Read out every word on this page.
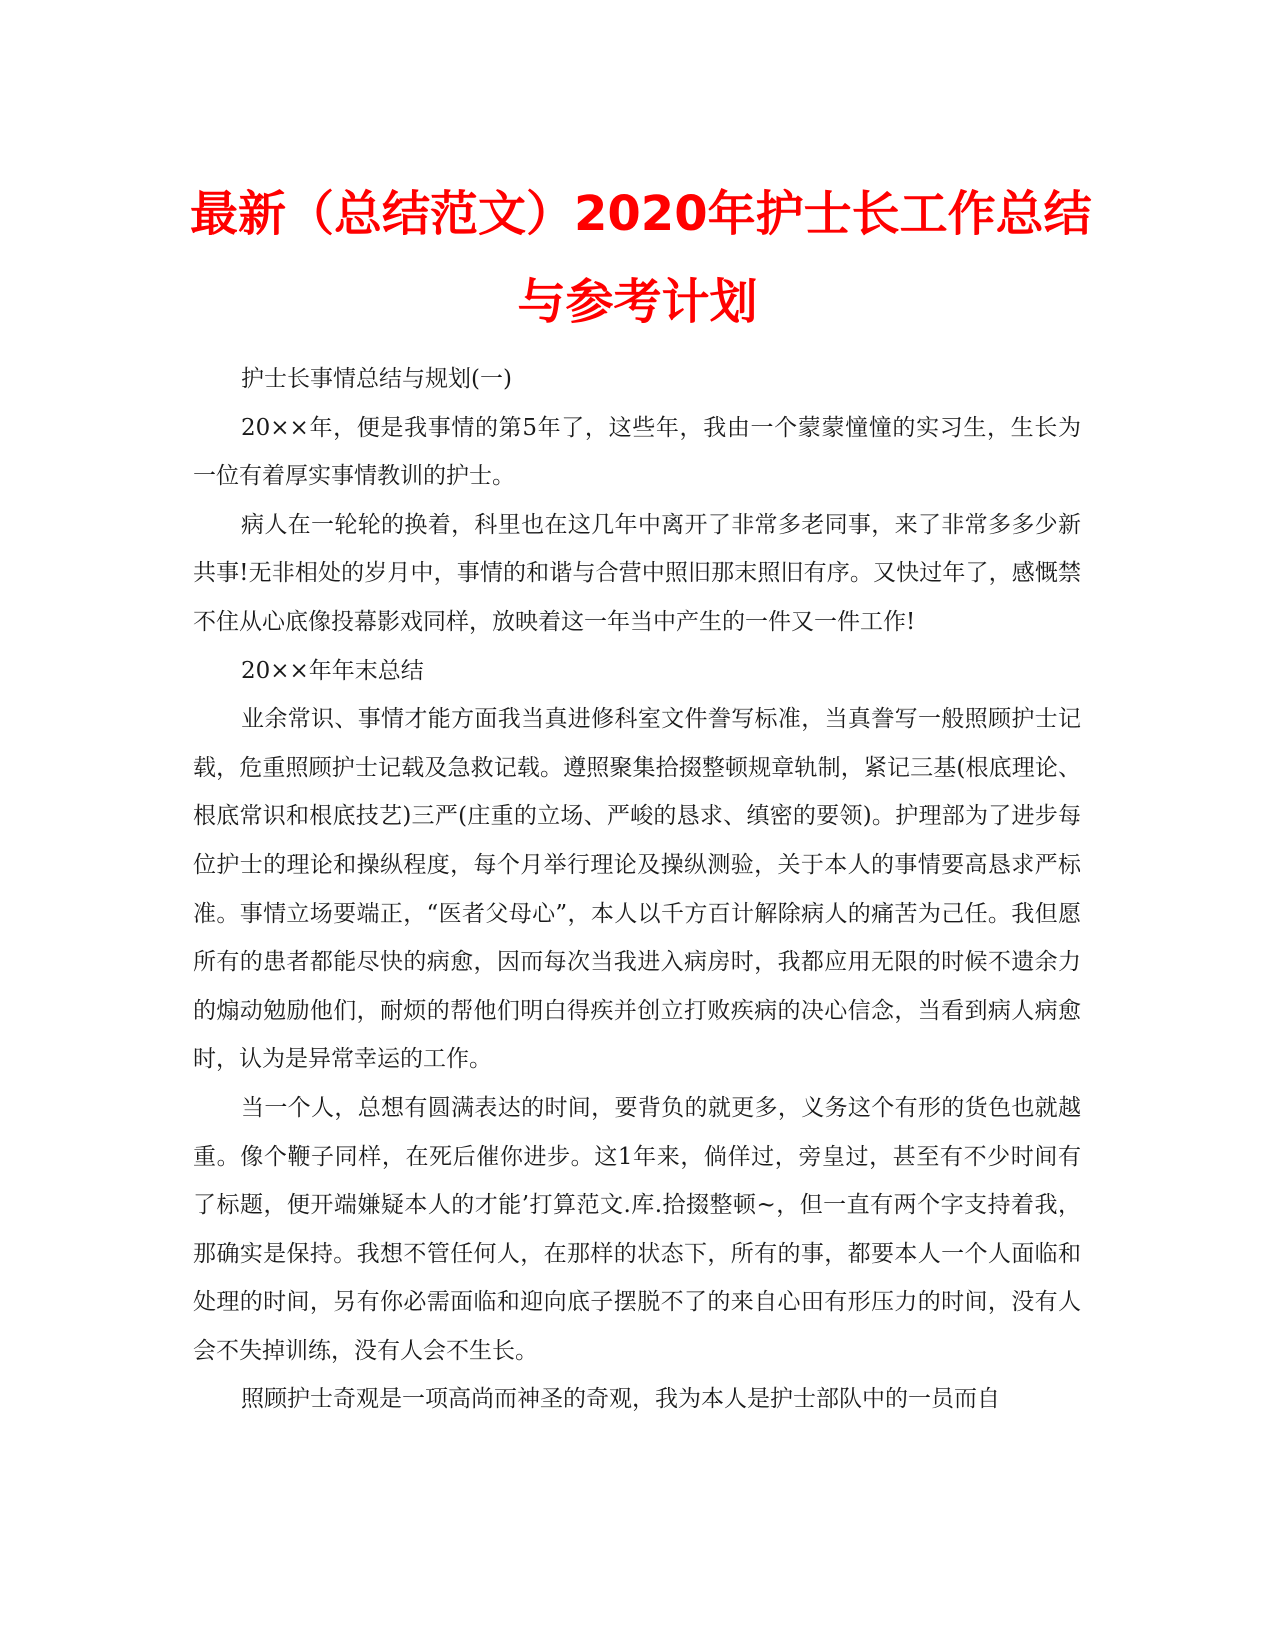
最新（总结范文）2020年护士长工作总结
与参考计划

护士长事情总结与规划(一)

20××年，便是我事情的第5年了，这些年，我由一个蒙蒙憧憧的实习生，生长为一位有着厚实事情教训的护士。

病人在一轮轮的换着，科里也在这几年中离开了非常多老同事，来了非常多多少新共事!无非相处的岁月中，事情的和谐与合营中照旧那末照旧有序。又快过年了，感慨禁不住从心底像投幕影戏同样，放映着这一年当中产生的一件又一件工作!

20××年年末总结

业余常识、事情才能方面我当真进修科室文件誊写标准，当真誊写一般照顾护士记载，危重照顾护士记载及急救记载。遵照聚集拾掇整顿规章轨制，紧记三基(根底理论、根底常识和根底技艺)三严(庄重的立场、严峻的恳求、缜密的要领)。护理部为了进步每位护士的理论和操纵程度，每个月举行理论及操纵测验，关于本人的事情要高恳求严标准。事情立场要端正，“医者父母心”，本人以千方百计解除病人的痛苦为己任。我但愿所有的患者都能尽快的病愈，因而每次当我进入病房时，我都应用无限的时候不遗余力的煽动勉励他们，耐烦的帮他们明白得疾并创立打败疾病的决心信念，当看到病人病愈时，认为是异常幸运的工作。

当一个人，总想有圆满表达的时间，要背负的就更多，义务这个有形的货色也就越重。像个鞭子同样，在死后催你进步。这1年来，倘佯过，旁皇过，甚至有不少时间有了标题，便开端嫌疑本人的才能’打算范文.库.拾掇整顿~，但一直有两个字支持着我，那确实是保持。我想不管任何人，在那样的状态下，所有的事，都要本人一个人面临和处理的时间，另有你必需面临和迎向底子摆脱不了的来自心田有形压力的时间，没有人会不失掉训练，没有人会不生长。

照顾护士奇观是一项高尚而神圣的奇观，我为本人是护士部队中的一员而自
